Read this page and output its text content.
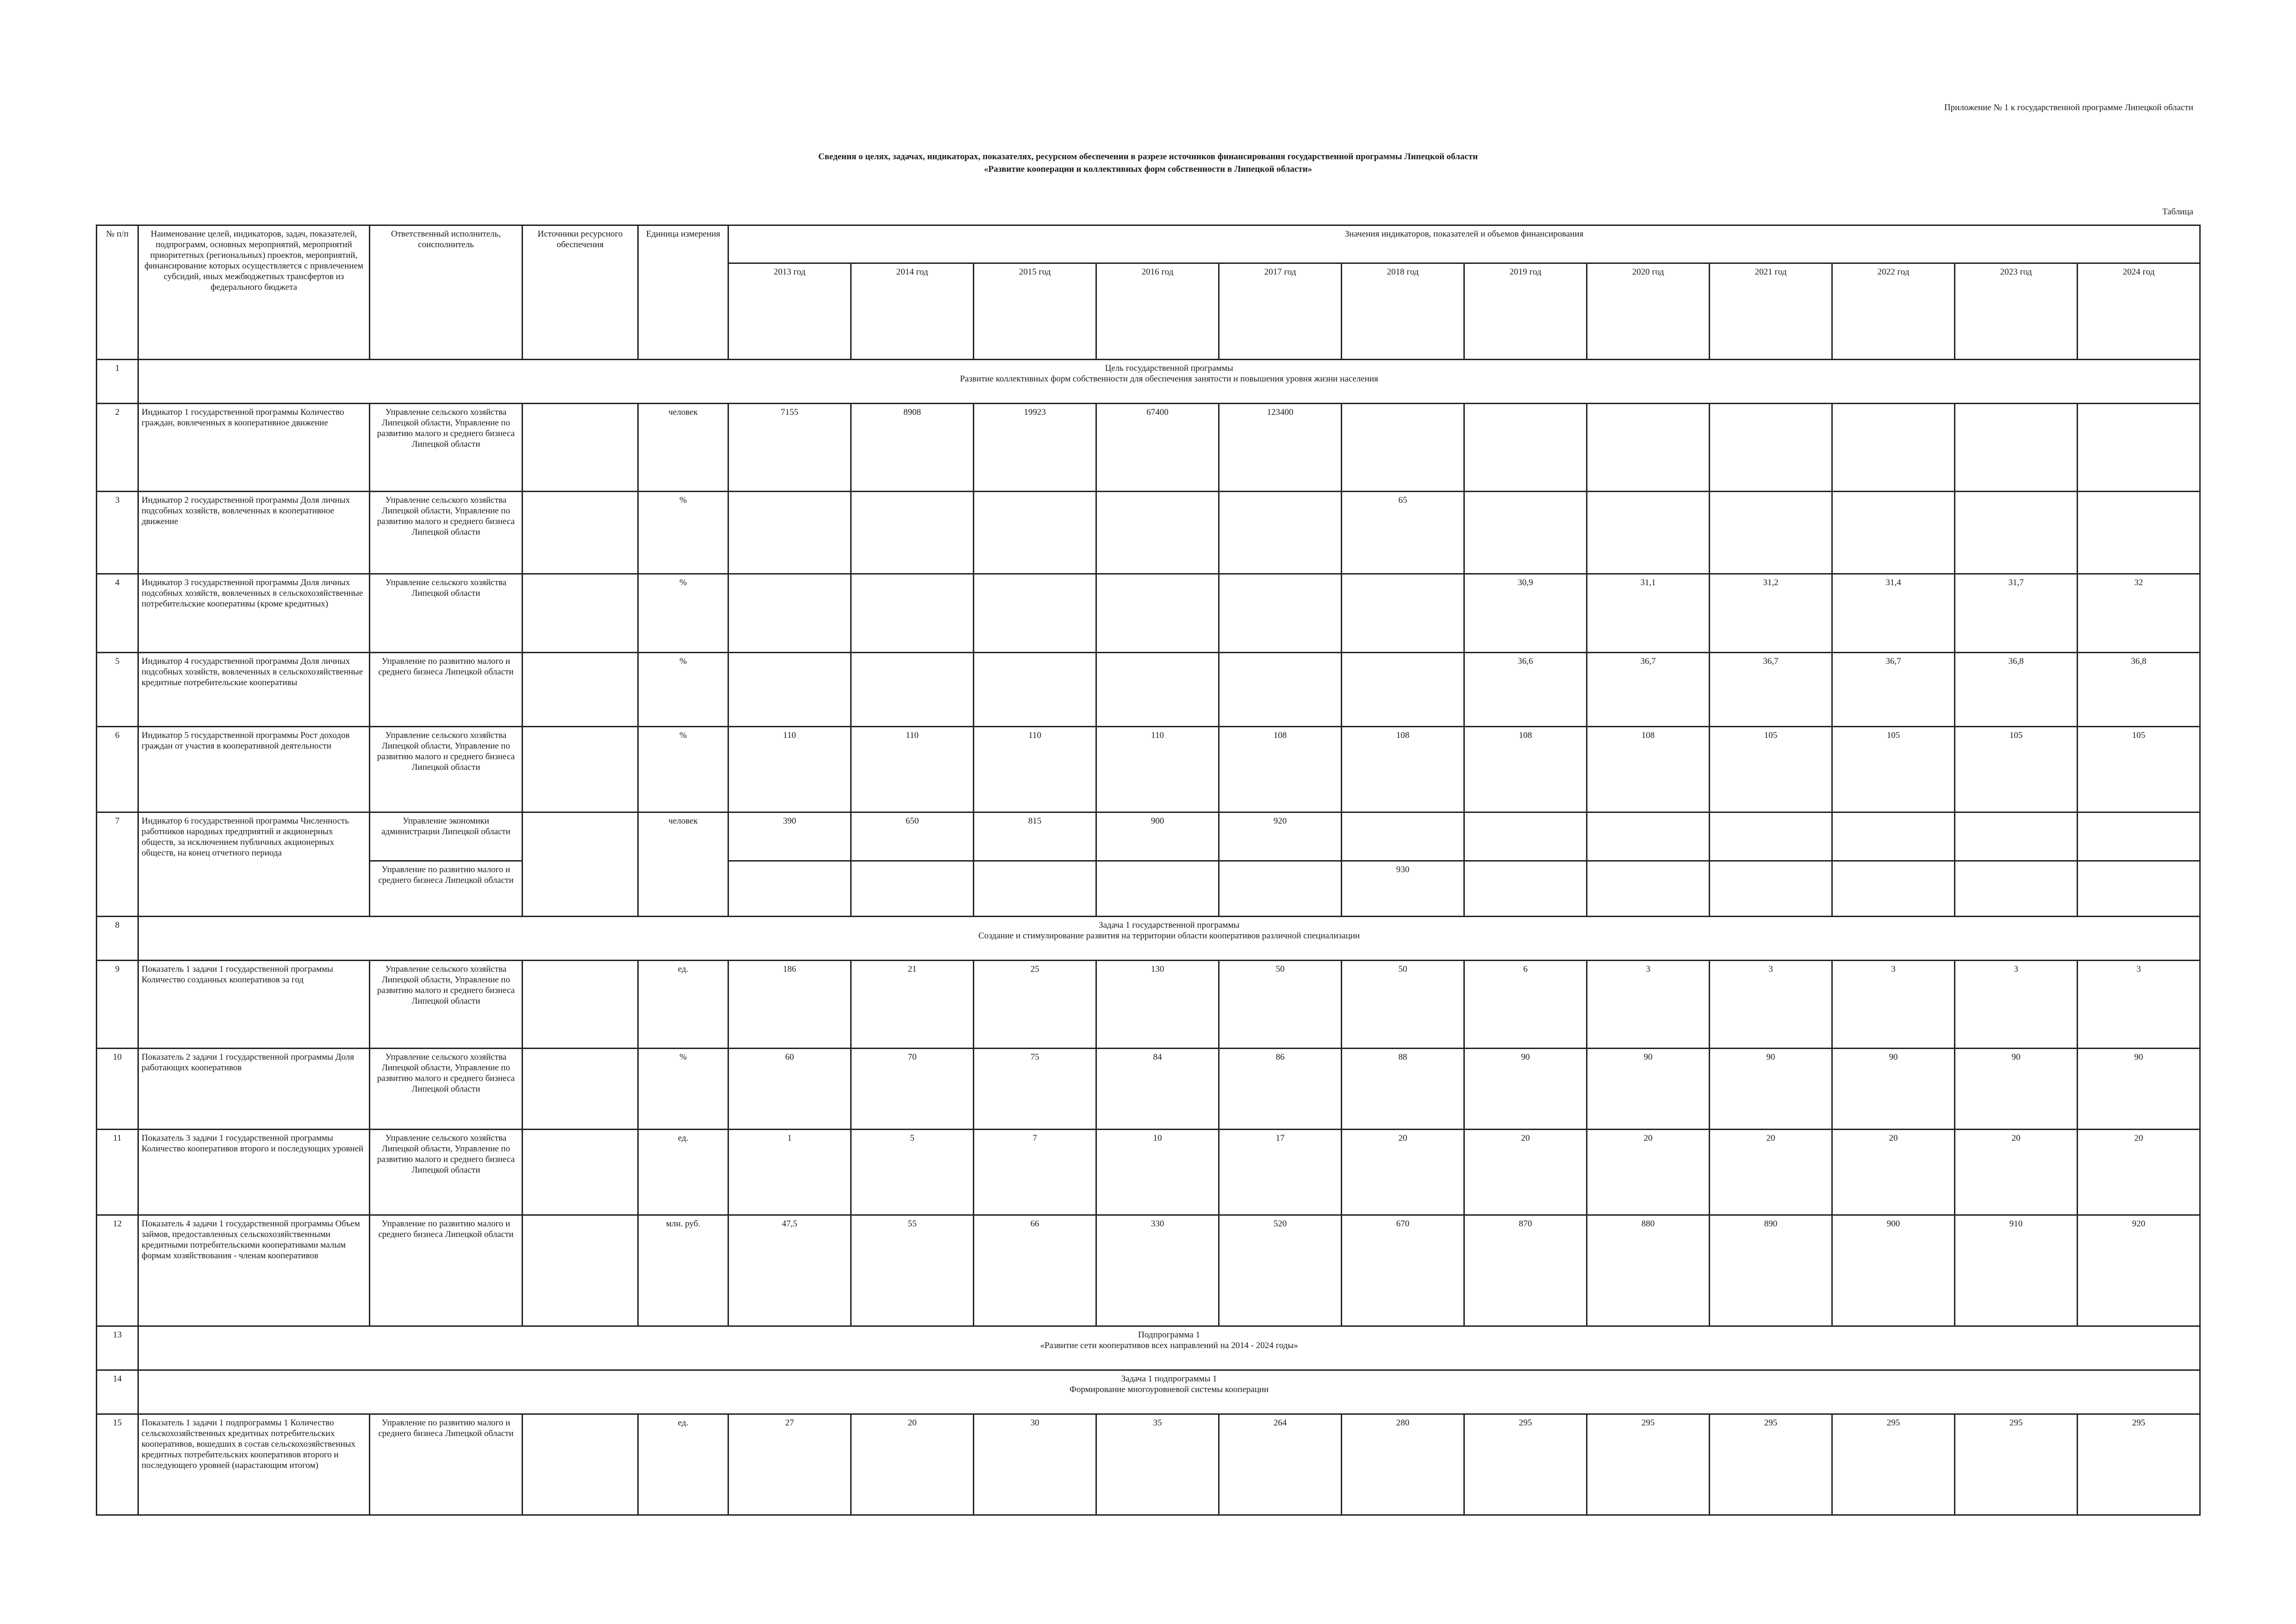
Приложение № 1 к государственной программе Липецкой области
Сведения о целях, задачах, индикаторах, показателях, ресурсном обеспечении в разрезе источников финансирования государственной программы Липецкой области
«Развитие кооперации и коллективных форм собственности в Липецкой области»
Таблица
№ п/п	Наименование целей, индикаторов, задач, показателей, подпрограмм, основных мероприятий, мероприятий приоритетных (региональных) проектов, мероприятий, финансирование которых осуществляется с привлечением субсидий, иных межбюджетных трансфертов из федерального бюджета	Ответственный исполнитель, соисполнитель	Источники ресурсного обеспечения	Единица измерения	Значения индикаторов, показателей и объемов финансирования											
					2013 год	2014 год	2015 год	2016 год	2017 год	2018 год	2019 год	2020 год	2021 год	2022 год	2023 год	2024 год
1	Цель государственной программы
Развитие коллективных форм собственности для обеспечения занятости и повышения уровня жизни населения															

2	Индикатор 1 государственной программы Количество граждан, вовлеченных в кооперативное движение	Управление сельского хозяйства Липецкой области, Управление по развитию малого и среднего бизнеса Липецкой области		человек	7155	8908	19923	67400	123400							
3	Индикатор 2 государственной программы Доля личных подсобных хозяйств, вовлеченных в кооперативное движение	Управление сельского хозяйства Липецкой области, Управление по развитию малого и среднего бизнеса Липецкой области		%						65						
4	Индикатор 3 государственной программы Доля личных подсобных хозяйств, вовлеченных в сельскохозяйственные потребительские кооперативы (кроме кредитных)	Управление сельского хозяйства Липецкой области		%							30,9	31,1	31,2	31,4	31,7	32
5	Индикатор 4 государственной программы Доля личных подсобных хозяйств, вовлеченных в сельскохозяйственные кредитные потребительские кооперативы	Управление по развитию малого и среднего бизнеса Липецкой области		%							36,6	36,7	36,7	36,7	36,8	36,8
6	Индикатор 5 государственной программы Рост доходов граждан от участия в кооперативной деятельности	Управление сельского хозяйства Липецкой области, Управление по развитию малого и среднего бизнеса Липецкой области		%	110	110	110	110	108	108	108	108	105	105	105	105
7	Индикатор 6 государственной программы Численность работников народных предприятий и акционерных обществ, за исключением публичных акционерных обществ, на конец отчетного периода	Управление экономики администрации Липецкой области		человек	390	650	815	900	920							
		Управление по развитию малого и среднего бизнеса Липецкой области								930						
8	Задача 1 государственной программы
Создание и стимулирование развития на территории области кооперативов различной специализации															

9	Показатель 1 задачи 1 государственной программы Количество созданных кооперативов за год	Управление сельского хозяйства Липецкой области, Управление по развитию малого и среднего бизнеса Липецкой области		ед.	186	21	25	130	50	50	6	3	3	3	3	3
10	Показатель 2 задачи 1 государственной программы Доля работающих кооперативов	Управление сельского хозяйства Липецкой области, Управление по развитию малого и среднего бизнеса Липецкой области		%	60	70	75	84	86	88	90	90	90	90	90	90
11	Показатель 3 задачи 1 государственной программы Количество кооперативов второго и последующих уровней	Управление сельского хозяйства Липецкой области, Управление по развитию малого и среднего бизнеса Липецкой области		ед.	1	5	7	10	17	20	20	20	20	20	20	20
12	Показатель 4 задачи 1 государственной программы Объем займов, предоставленных сельскохозяйственными кредитными потребительскими кооперативами малым формам хозяйствования - членам кооперативов	Управление по развитию малого и среднего бизнеса Липецкой области		млн. руб.	47,5	55	66	330	520	670	870	880	890	900	910	920
13	Подпрограмма 1
«Развитие сети кооперативов всех направлений на 2014 - 2024 годы»															

14	Задача 1 подпрограммы 1
Формирование многоуровневой системы кооперации															

15	Показатель 1 задачи 1 подпрограммы 1 Количество сельскохозяйственных кредитных потребительских кооперативов, вошедших в состав сельскохозяйственных кредитных потребительских кооперативов второго и последующего уровней (нарастающим итогом)	Управление по развитию малого и среднего бизнеса Липецкой области		ед.	27	20	30	35	264	280	295	295	295	295	295	295
